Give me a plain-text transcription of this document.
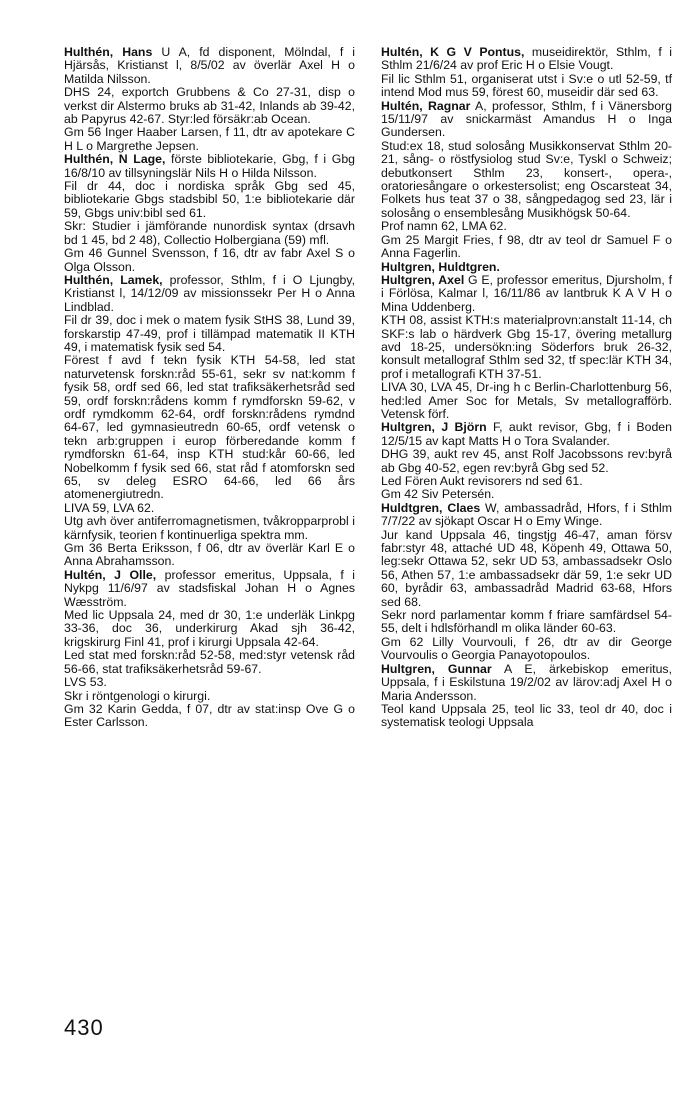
Hulthén, Hans U A, fd disponent, Mölndal, f i Hjärsås, Kristianst l, 8/5/02 av överlär Axel H o Matilda Nilsson.

DHS 24, exportch Grubbens & Co 27-31, disp o verkst dir Alstermo bruks ab 31-42, Inlands ab 39-42, ab Papyrus 42-67. Styr:led försäkr:ab Ocean.

Gm 56 Inger Haaber Larsen, f 11, dtr av apotekare C H L o Margrethe Jepsen.

Hulthén, N Lage, förste bibliotekarie, Gbg, f i Gbg 16/8/10 av tillsyningslär Nils H o Hilda Nilsson.

Fil dr 44, doc i nordiska språk Gbg sed 45, bibliotekarie Gbgs stadsbibl 50, 1:e bibliotekarie där 59, Gbgs univ:bibl sed 61.

Skr: Studier i jämförande nunordisk syntax (drsavh bd 1 45, bd 2 48), Collectio Holbergiana (59) mfl.

Gm 46 Gunnel Svensson, f 16, dtr av fabr Axel S o Olga Olsson.

Hulthén, Lamek, professor, Sthlm, f i O Ljungby, Kristianst l, 14/12/09 av missionssekr Per H o Anna Lindblad.

Fil dr 39, doc i mek o matem fysik StHS 38, Lund 39, forskarstip 47-49, prof i tillämpad matematik II KTH 49, i matematisk fysik sed 54.

Förest f avd f tekn fysik KTH 54-58, led stat naturvetensk forskn:råd 55-61, sekr sv nat:komm f fysik 58, ordf sed 66, led stat trafiksäkerhetsråd sed 59, ordf forskn:rådens komm f rymdforskn 59-62, v ordf rymdkomm 62-64, ordf forskn:rådens rymdnd 64-67, led gymnasieutredn 60-65, ordf vetensk o tekn arb:gruppen i europ förberedande komm f rymdforskn 61-64, insp KTH stud:kår 60-66, led Nobelkomm f fysik sed 66, stat råd f atomforskn sed 65, sv deleg ESRO 64-66, led 66 års atomenergiutredn.

LIVA 59, LVA 62.

Utg avh över antiferromagnetismen, tvåkropparprobl i kärnfysik, teorien f kontinuerliga spektra mm.

Gm 36 Berta Eriksson, f 06, dtr av överlär Karl E o Anna Abrahamsson.

Hultén, J Olle, professor emeritus, Uppsala, f i Nykpg 11/6/97 av stadsfiskal Johan H o Agnes Wæsström.

Med lic Uppsala 24, med dr 30, 1:e underläk Linkpg 33-36, doc 36, underkirurg Akad sjh 36-42, krigskirurg Finl 41, prof i kirurgi Uppsala 42-64.

Led stat med forskn:råd 52-58, med:styr vetensk råd 56-66, stat trafiksäkerhetsråd 59-67.

LVS 53.

Skr i röntgenologi o kirurgi.

Gm 32 Karin Gedda, f 07, dtr av stat:insp Ove G o Ester Carlsson.

Hultén, K G V Pontus, museidirektör, Sthlm, f i Sthlm 21/6/24 av prof Eric H o Elsie Vougt.

Fil lic Sthlm 51, organiserat utst i Sv:e o utl 52-59, tf intend Mod mus 59, förest 60, museidir där sed 63.

Hultén, Ragnar A, professor, Sthlm, f i Vänersborg 15/11/97 av snickarmäst Amandus H o Inga Gundersen.

Stud:ex 18, stud solosång Musikkonservat Sthlm 20-21, sång- o röstfysiolog stud Sv:e, Tyskl o Schweiz; debutkonsert Sthlm 23, konsert-, opera-, oratoriesångare o orkestersolist; eng Oscarsteat 34, Folkets hus teat 37 o 38, sångpedagog sed 23, lär i solosång o ensemblesång Musikhögsk 50-64.

Prof namn 62, LMA 62.

Gm 25 Margit Fries, f 98, dtr av teol dr Samuel F o Anna Fagerlin.

Hultgren, Huldtgren.

Hultgren, Axel G E, professor emeritus, Djursholm, f i Förlösa, Kalmar l, 16/11/86 av lantbruk K A V H o Mina Uddenberg.

KTH 08, assist KTH:s materialprovn:anstalt 11-14, ch SKF:s lab o härdverk Gbg 15-17, övering metallurg avd 18-25, undersökn:ing Söderfors bruk 26-32, konsult metallograf Sthlm sed 32, tf spec:lär KTH 34, prof i metallografi KTH 37-51.

LIVA 30, LVA 45, Dr-ing h c Berlin-Charlottenburg 56, hed:led Amer Soc for Metals, Sv metallografförb. Vetensk förf.

Hultgren, J Björn F, aukt revisor, Gbg, f i Boden 12/5/15 av kapt Matts H o Tora Svalander.

DHG 39, aukt rev 45, anst Rolf Jacobssons rev:byrå ab Gbg 40-52, egen rev:byrå Gbg sed 52.

Led Fören Aukt revisorers nd sed 61.

Gm 42 Siv Petersén.

Huldtgren, Claes W, ambassadråd, Hfors, f i Sthlm 7/7/22 av sjökapt Oscar H o Emy Winge.

Jur kand Uppsala 46, tingstjg 46-47, aman försv fabr:styr 48, attaché UD 48, Köpenh 49, Ottawa 50, leg:sekr Ottawa 52, sekr UD 53, ambassadsekr Oslo 56, Athen 57, 1:e ambassadsekr där 59, 1:e sekr UD 60, byrådir 63, ambassadråd Madrid 63-68, Hfors sed 68.

Sekr nord parlamentar komm f friare samfärdsel 54-55, delt i hdlsförhandl m olika länder 60-63.

Gm 62 Lilly Vourvouli, f 26, dtr av dir George Vourvoulis o Georgia Panayotopoulos.

Hultgren, Gunnar A E, ärkebiskop emeritus, Uppsala, f i Eskilstuna 19/2/02 av lärov:adj Axel H o Maria Andersson.

Teol kand Uppsala 25, teol lic 33, teol dr 40, doc i systematisk teologi Uppsala

430
